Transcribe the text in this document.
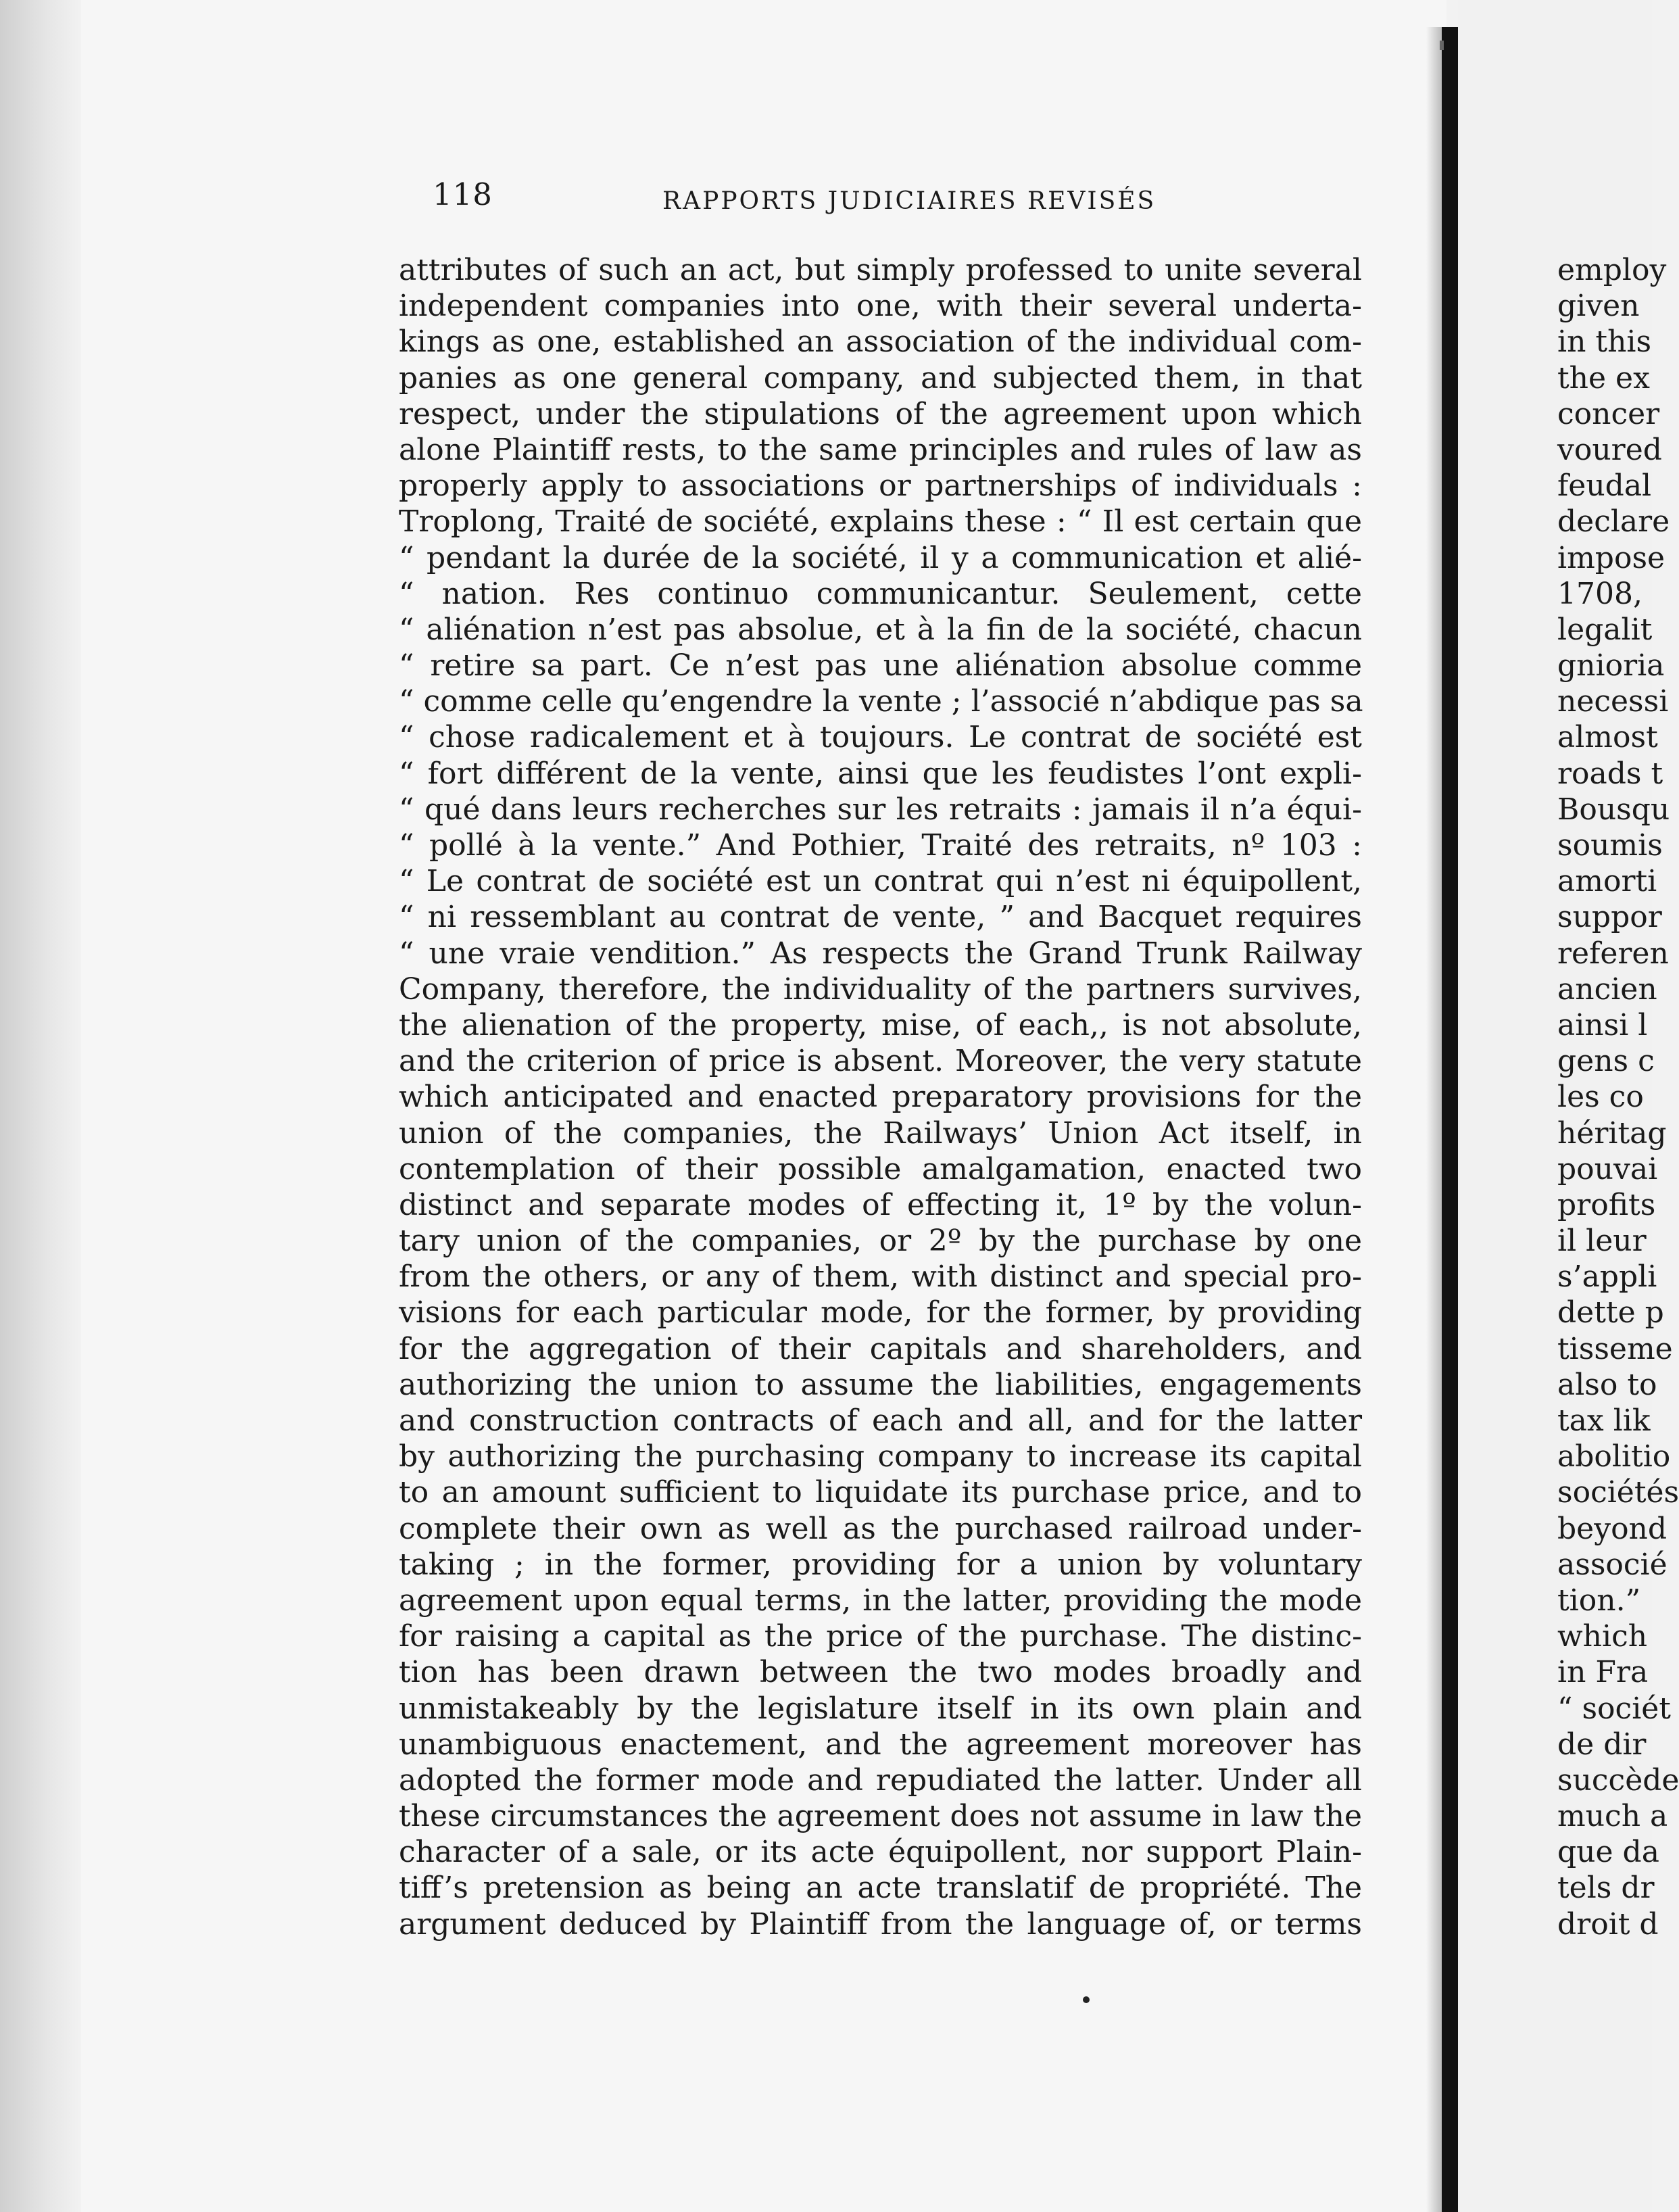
118	RAPPORTS JUDICIAIRES REVISÉS
attributes of such an act, but simply professed to unite several
independent companies into one, with their several underta-
kings as one, established an association of the individual com-
panies as one general company, and subjected them, in that
respect, under the stipulations of the agreement upon which
alone Plaintiff rests, to the same principles and rules of law as
properly apply to associations or partnerships of individuals :
Troplong, Traité de société, explains these : “ Il est certain que
“ pendant la durée de la société, il y a communication et alié-
“ nation. Res continuo communicantur. Seulement, cette
“ aliénation n’est pas absolue, et à la fin de la société, chacun
“ retire sa part. Ce n’est pas une aliénation absolue comme
“ comme celle qu’engendre la vente ; l’associé n’abdique pas sa
“ chose radicalement et à toujours. Le contrat de société est
“ fort différent de la vente, ainsi que les feudistes l’ont expli-
“ qué dans leurs recherches sur les retraits : jamais il n’a équi-
“ pollé à la vente.” And Pothier, Traité des retraits, nº 103 :
“ Le contrat de société est un contrat qui n’est ni équipollent,
“ ni ressemblant au contrat de vente, ” and Bacquet requires
“ une vraie vendition.” As respects the Grand Trunk Railway
Company, therefore, the individuality of the partners survives,
the alienation of the property, mise, of each,, is not absolute,
and the criterion of price is absent. Moreover, the very statute
which anticipated and enacted preparatory provisions for the
union of the companies, the Railways’ Union Act itself, in
contemplation of their possible amalgamation, enacted two
distinct and separate modes of effecting it, 1º by the volun-
tary union of the companies, or 2º by the purchase by one
from the others, or any of them, with distinct and special pro-
visions for each particular mode, for the former, by providing
for the aggregation of their capitals and shareholders, and
authorizing the union to assume the liabilities, engagements
and construction contracts of each and all, and for the latter
by authorizing the purchasing company to increase its capital
to an amount sufficient to liquidate its purchase price, and to
complete their own as well as the purchased railroad under-
taking ; in the former, providing for a union by voluntary
agreement upon equal terms, in the latter, providing the mode
for raising a capital as the price of the purchase. The distinc-
tion has been drawn between the two modes broadly and
unmistakeably by the legislature itself in its own plain and
unambiguous enactement, and the agreement moreover has
adopted the former mode and repudiated the latter. Under all
these circumstances the agreement does not assume in law the
character of a sale, or its acte équipollent, nor support Plain-
tiff’s pretension as being an acte translatif de propriété. The
argument deduced by Plaintiff from the language of, or terms
employ
given
in this
the ex
concer
voured
feudal
declare
impose
1708,
legalit
gnioria
necessi
almost
roads t
Bousqu
soumis
amorti
suppor
referen
ancien
ainsi l
gens c
les co
héritag
pouvai
profits
il leur
s’appli
dette p
tisseme
also to
tax lik
abolitio
sociétés
beyond
associé
tion.”
which
in Fra
“ sociét
de dir
succède
much a
que da
tels dr
droit d
